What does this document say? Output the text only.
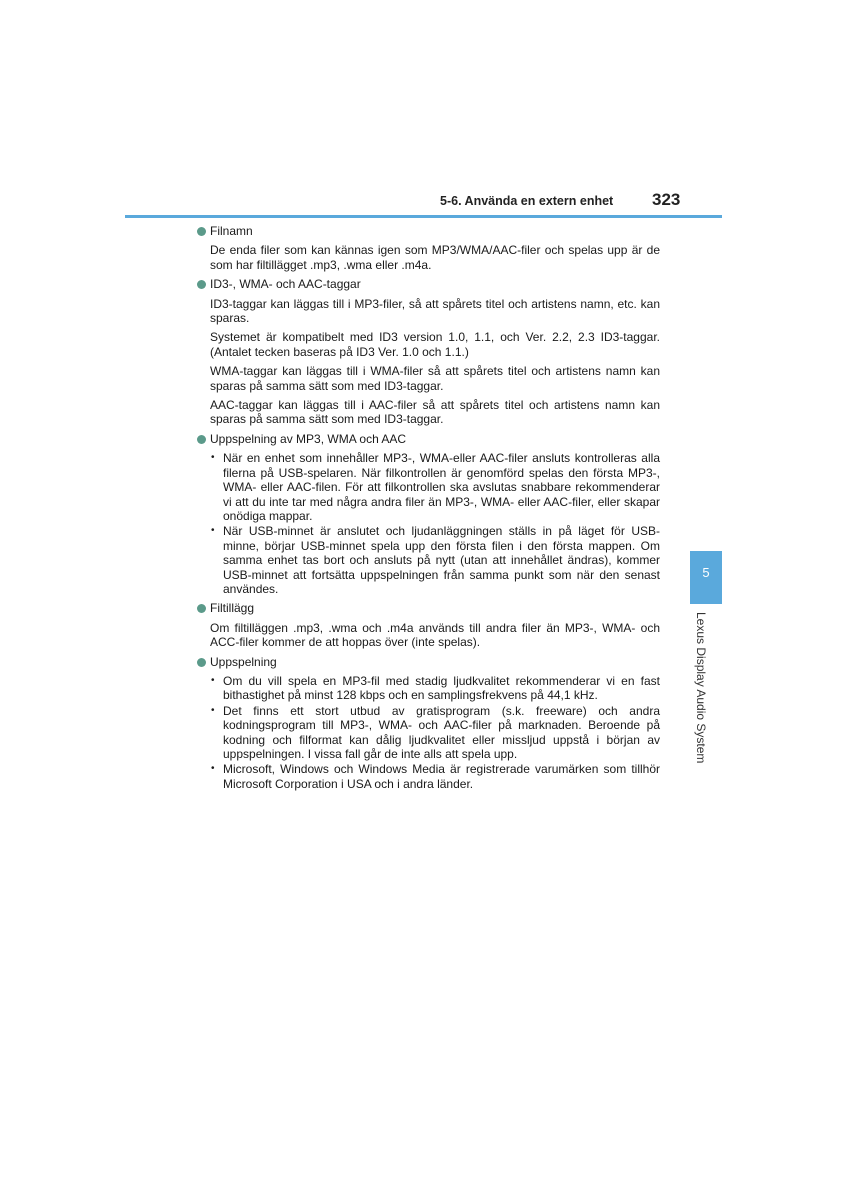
5-6. Använda en extern enhet 323
5
Lexus Display Audio System
Filnamn

De enda filer som kan kännas igen som MP3/WMA/AAC-filer och spelas upp är de som har filtillägget .mp3, .wma eller .m4a.

ID3-, WMA- och AAC-taggar

ID3-taggar kan läggas till i MP3-filer, så att spårets titel och artistens namn, etc. kan sparas.

Systemet är kompatibelt med ID3 version 1.0, 1.1, och Ver. 2.2, 2.3 ID3-taggar. (Antalet tecken baseras på ID3 Ver. 1.0 och 1.1.)

WMA-taggar kan läggas till i WMA-filer så att spårets titel och artistens namn kan sparas på samma sätt som med ID3-taggar.

AAC-taggar kan läggas till i AAC-filer så att spårets titel och artistens namn kan sparas på samma sätt som med ID3-taggar.

Uppspelning av MP3, WMA och AAC
• När en enhet som innehåller MP3-, WMA-eller AAC-filer ansluts kontrolleras alla filerna på USB-spelaren. När filkontrollen är genomförd spelas den första MP3-, WMA- eller AAC-filen. För att filkontrollen ska avslutas snabbare rekommenderar vi att du inte tar med några andra filer än MP3-, WMA- eller AAC-filer, eller skapar onödiga mappar.
• När USB-minnet är anslutet och ljudanläggningen ställs in på läget för USB-minne, börjar USB-minnet spela upp den första filen i den första mappen. Om samma enhet tas bort och ansluts på nytt (utan att innehållet ändras), kommer USB-minnet att fortsätta uppspelningen från samma punkt som när den senast användes.
Filtillägg

Om filtilläggen .mp3, .wma och .m4a används till andra filer än MP3-, WMA- och ACC-filer kommer de att hoppas över (inte spelas).

Uppspelning
• Om du vill spela en MP3-fil med stadig ljudkvalitet rekommenderar vi en fast bithastighet på minst 128 kbps och en samplingsfrekvens på 44,1 kHz.
• Det finns ett stort utbud av gratisprogram (s.k. freeware) och andra kodningsprogram till MP3-, WMA- och AAC-filer på marknaden. Beroende på kodning och filformat kan dålig ljudkvalitet eller missljud uppstå i början av uppspelningen. I vissa fall går de inte alls att spela upp.
• Microsoft, Windows och Windows Media är registrerade varumärken som tillhör Microsoft Corporation i USA och i andra länder.
